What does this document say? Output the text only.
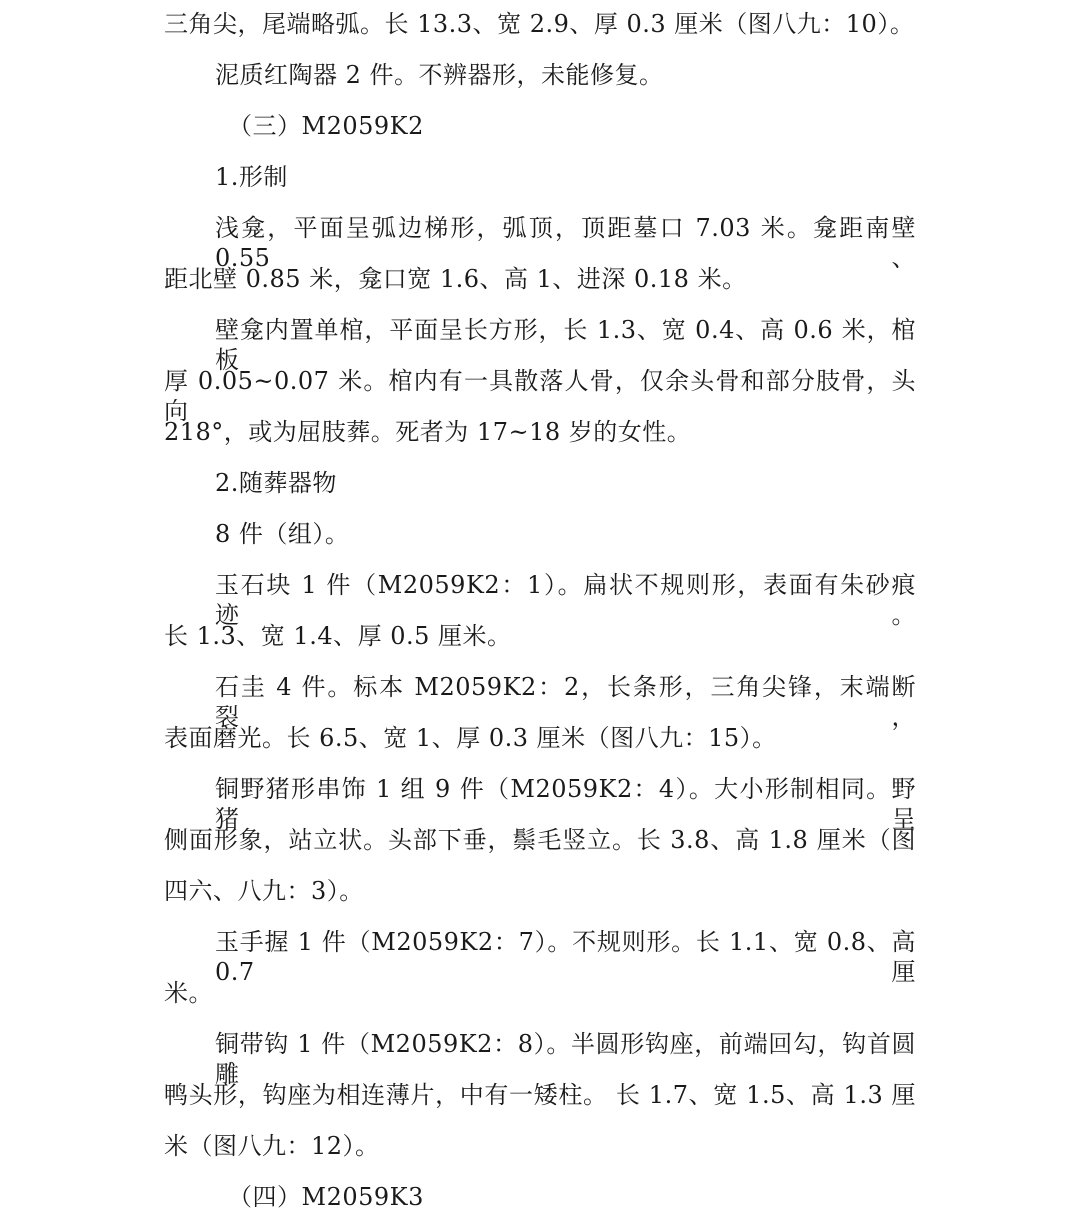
三角尖，尾端略弧。长 13.3、宽 2.9、厚 0.3 厘米（图八九：10）。
泥质红陶器 2 件。不辨器形，未能修复。
（三）M2059K2
1.形制
浅龛，平面呈弧边梯形，弧顶，顶距墓口 7.03 米。龛距南壁 0.55、
距北壁 0.85 米，龛口宽 1.6、高 1、进深 0.18 米。
壁龛内置单棺，平面呈长方形，长 1.3、宽 0.4、高 0.6 米，棺板
厚 0.05~0.07 米。棺内有一具散落人骨，仅余头骨和部分肢骨，头向
218°，或为屈肢葬。死者为 17~18 岁的女性。
2.随葬器物
8 件（组）。
玉石块 1 件（M2059K2：1）。扁状不规则形，表面有朱砂痕迹。
长 1.3、宽 1.4、厚 0.5 厘米。
石圭 4 件。标本 M2059K2：2，长条形，三角尖锋，末端断裂，
表面磨光。长 6.5、宽 1、厚 0.3 厘米（图八九：15）。
铜野猪形串饰 1 组 9 件（M2059K2：4）。大小形制相同。野猪呈
侧面形象，站立状。头部下垂，鬃毛竖立。长 3.8、高 1.8 厘米（图
四六、八九：3）。
玉手握 1 件（M2059K2：7）。不规则形。长 1.1、宽 0.8、高 0.7 厘
米。
铜带钩 1 件（M2059K2：8）。半圆形钩座，前端回勾，钩首圆雕
鸭头形，钩座为相连薄片，中有一矮柱。 长 1.7、宽 1.5、高 1.3 厘
米（图八九：12）。
（四）M2059K3
